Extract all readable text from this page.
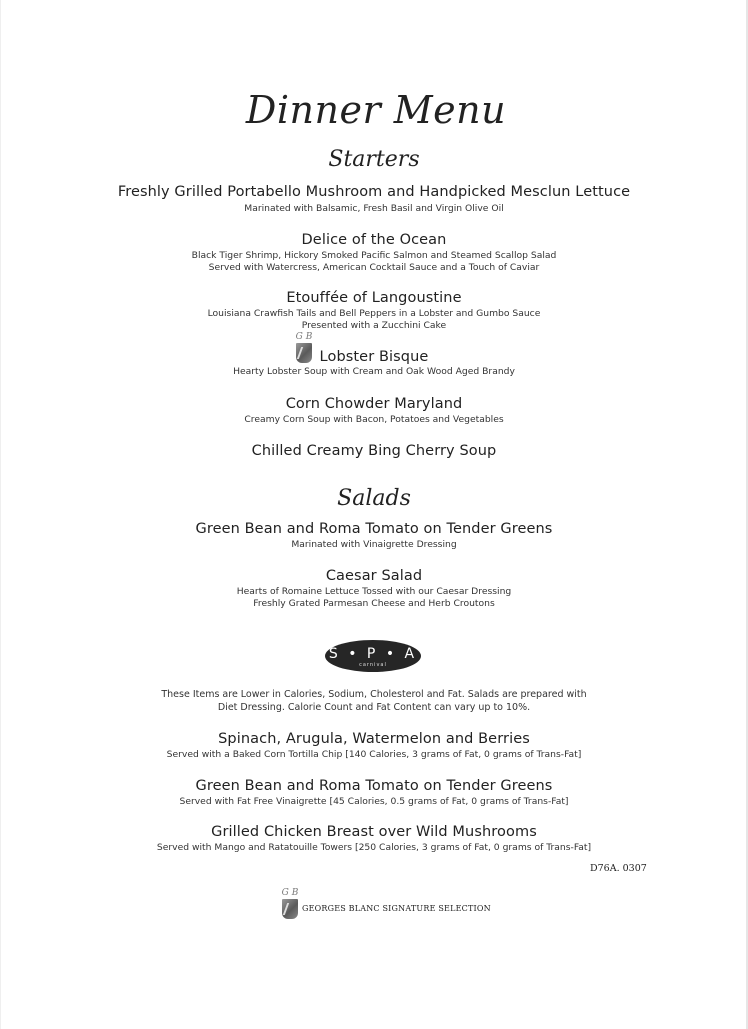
Dinner Menu
Starters
Freshly Grilled Portabello Mushroom and Handpicked Mesclun Lettuce
Marinated with Balsamic, Fresh Basil and Virgin Olive Oil
Delice of the Ocean
Black Tiger Shrimp, Hickory Smoked Pacific Salmon and Steamed Scallop Salad
Served with Watercress, American Cocktail Sauce and a Touch of Caviar
Etouffée of Langoustine
Louisiana Crawfish Tails and Bell Peppers in a Lobster and Gumbo Sauce
Presented with a Zucchini Cake
G B
Lobster Bisque
Hearty Lobster Soup with Cream and Oak Wood Aged Brandy
Corn Chowder Maryland
Creamy Corn Soup with Bacon, Potatoes and Vegetables
Chilled Creamy Bing Cherry Soup
Salads
Green Bean and Roma Tomato on Tender Greens
Marinated with Vinaigrette Dressing
Caesar Salad
Hearts of Romaine Lettuce Tossed with our Caesar Dressing
Freshly Grated Parmesan Cheese and Herb Croutons
S • P • A
carnival
These Items are Lower in Calories, Sodium, Cholesterol and Fat. Salads are prepared with
Diet Dressing. Calorie Count and Fat Content can vary up to 10%.
Spinach, Arugula, Watermelon and Berries
Served with a Baked Corn Tortilla Chip [140 Calories, 3 grams of Fat, 0 grams of Trans-Fat]
Green Bean and Roma Tomato on Tender Greens
Served with Fat Free Vinaigrette [45 Calories, 0.5 grams of Fat, 0 grams of Trans-Fat]
Grilled Chicken Breast over Wild Mushrooms
Served with Mango and Ratatouille Towers [250 Calories, 3 grams of Fat, 0 grams of Trans-Fat]
D76A. 0307
G B
GEORGES BLANC SIGNATURE SELECTION
